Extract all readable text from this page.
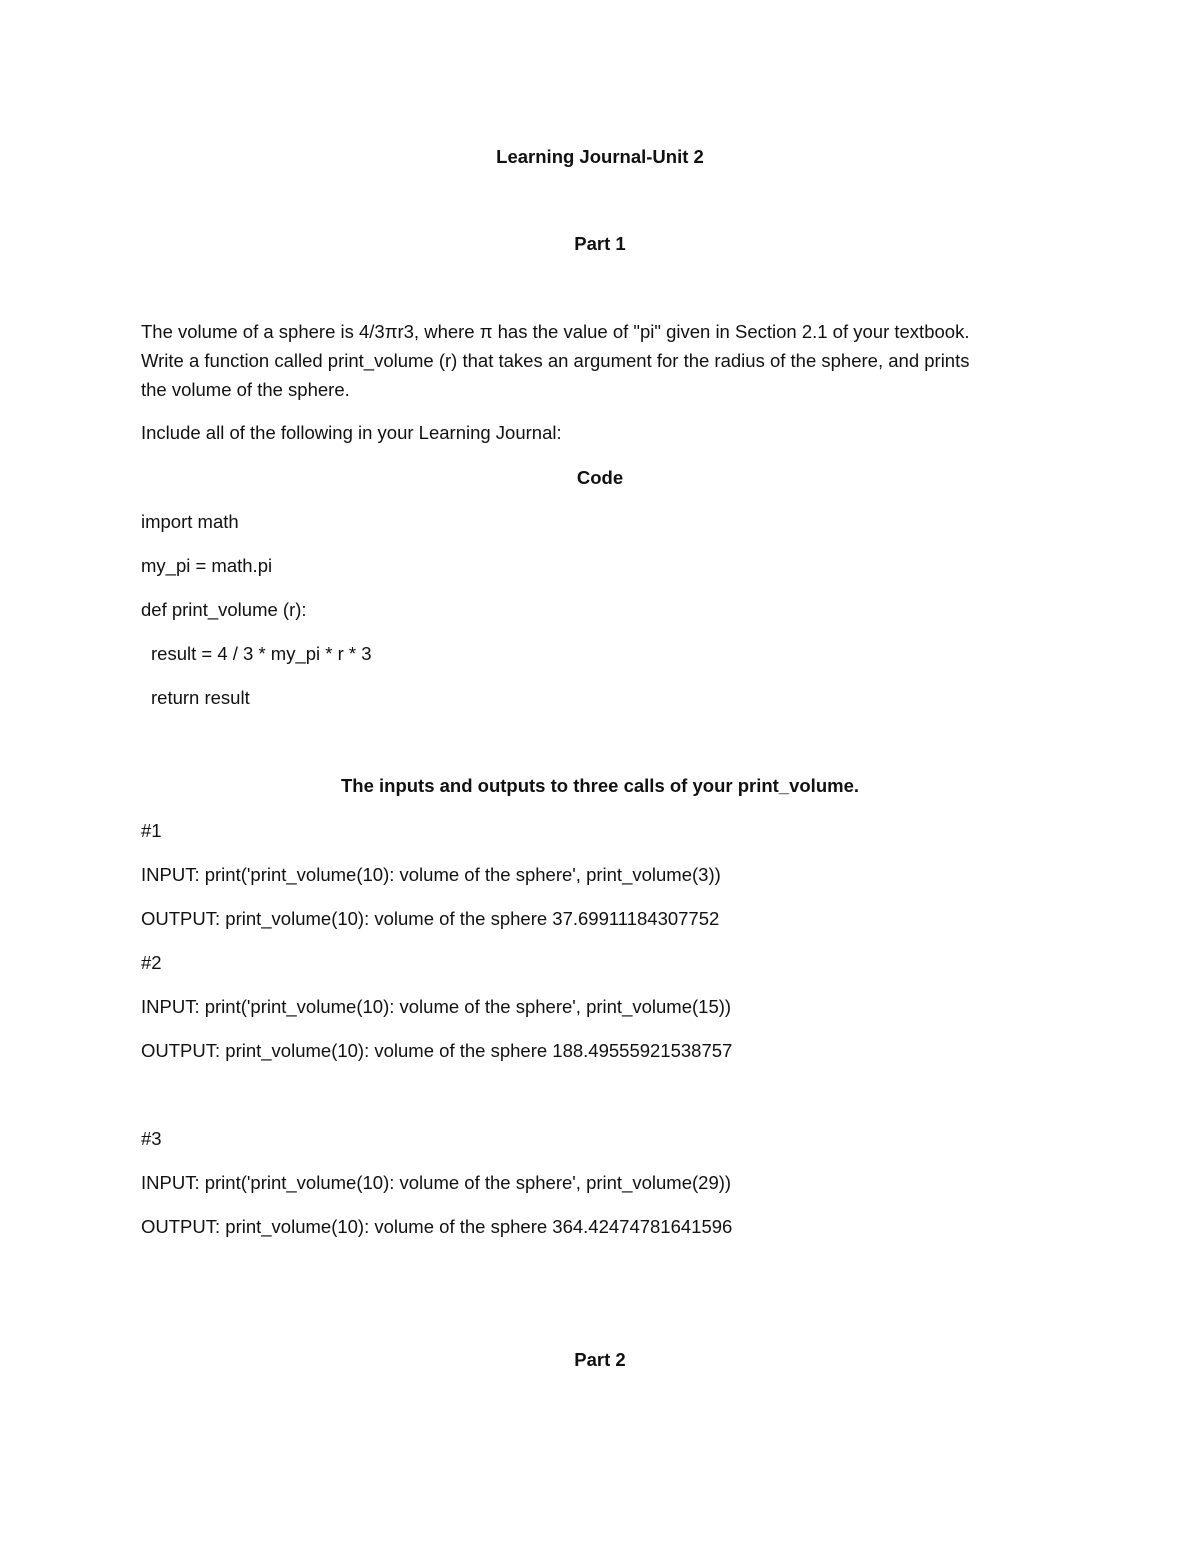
Learning Journal-Unit 2
Part 1
The volume of a sphere is 4/3πr3, where π has the value of "pi" given in Section 2.1 of your textbook.
Write a function called print_volume (r) that takes an argument for the radius of the sphere, and prints
the volume of the sphere.
Include all of the following in your Learning Journal:
Code
import math
my_pi = math.pi
def print_volume (r):
result = 4 / 3 * my_pi * r * 3
return result
The inputs and outputs to three calls of your print_volume.
#1
INPUT: print('print_volume(10): volume of the sphere', print_volume(3))
OUTPUT: print_volume(10): volume of the sphere 37.69911184307752
#2
INPUT: print('print_volume(10): volume of the sphere', print_volume(15))
OUTPUT: print_volume(10): volume of the sphere 188.49555921538757
#3
INPUT: print('print_volume(10): volume of the sphere', print_volume(29))
OUTPUT: print_volume(10): volume of the sphere 364.42474781641596
Part 2
